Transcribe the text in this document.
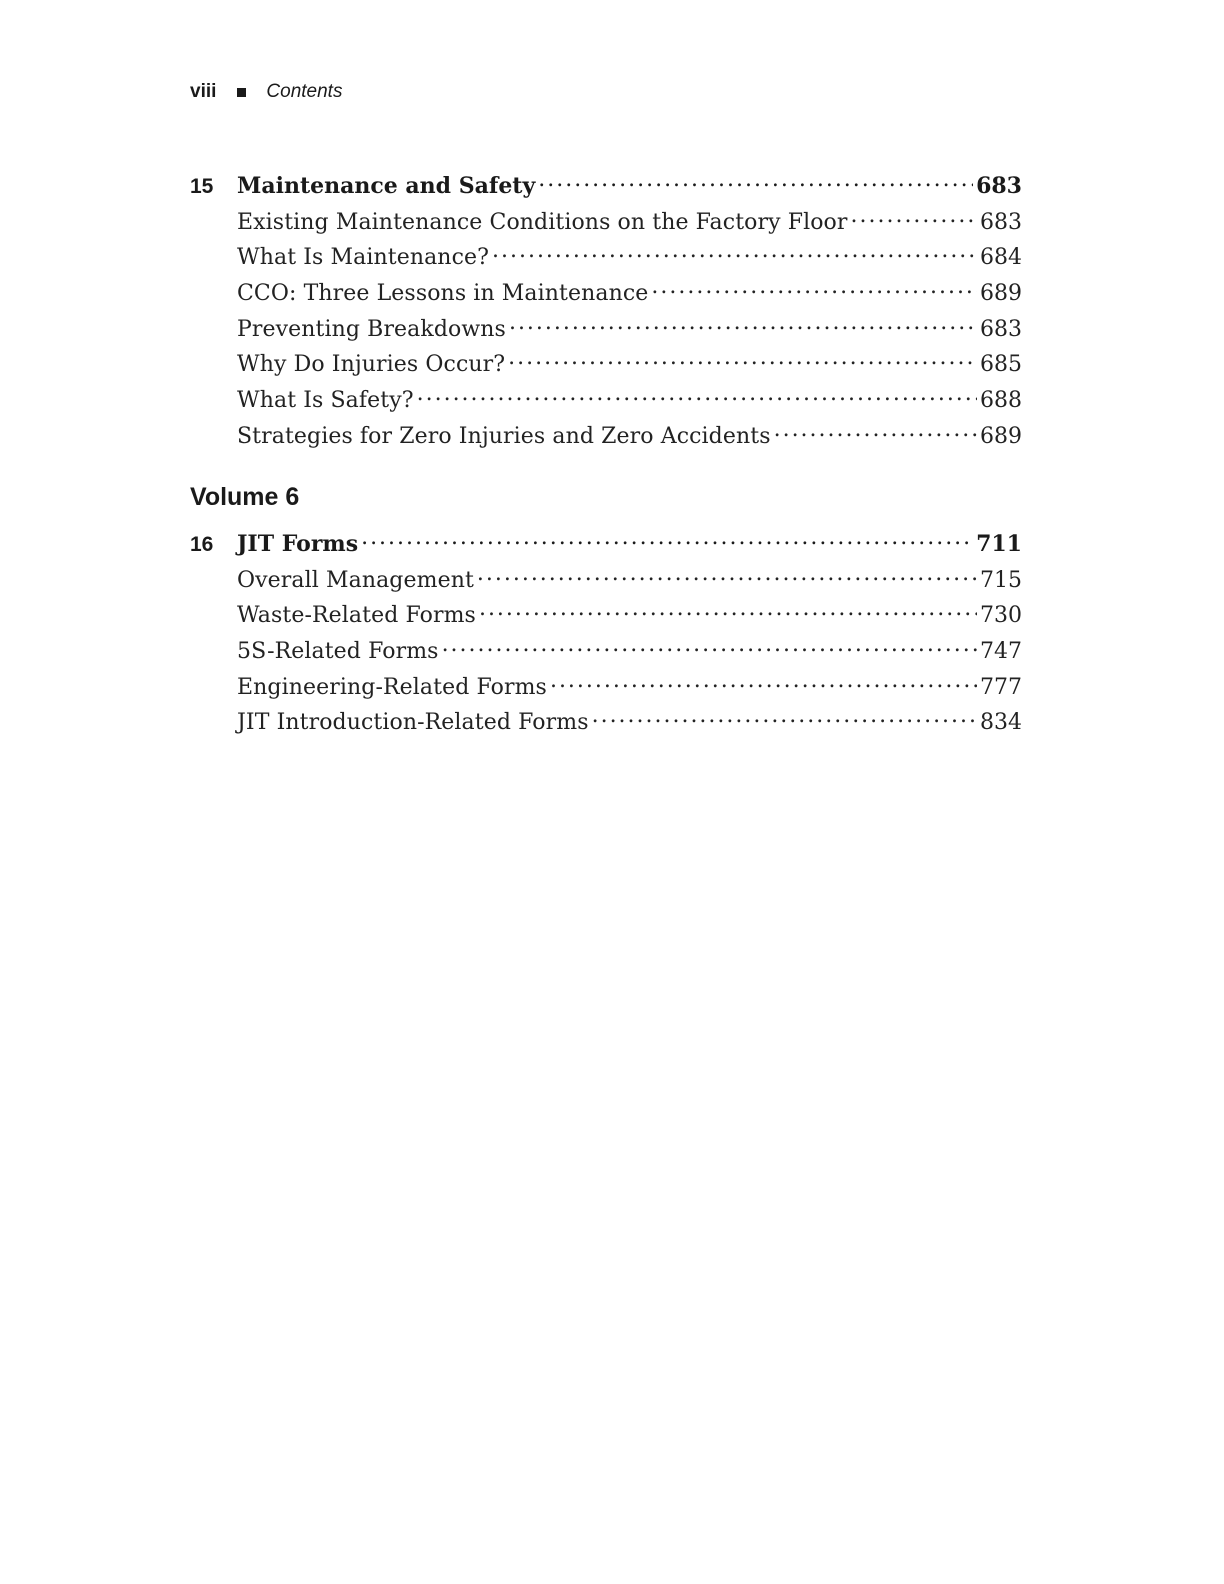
viii	Contents
15	Maintenance and Safety . . .	683
Existing Maintenance Conditions on the Factory Floor . . .	683
What Is Maintenance? . . .	684
CCO: Three Lessons in Maintenance . . .	689
Preventing Breakdowns . . .	683
Why Do Injuries Occur? . . .	685
What Is Safety? . . .	688
Strategies for Zero Injuries and Zero Accidents . . .	689
Volume 6
16	JIT Forms . . .	711
Overall Management . . .	715
Waste-Related Forms . . .	730
5S-Related Forms . . .	747
Engineering-Related Forms . . .	777
JIT Introduction-Related Forms . . .	834
